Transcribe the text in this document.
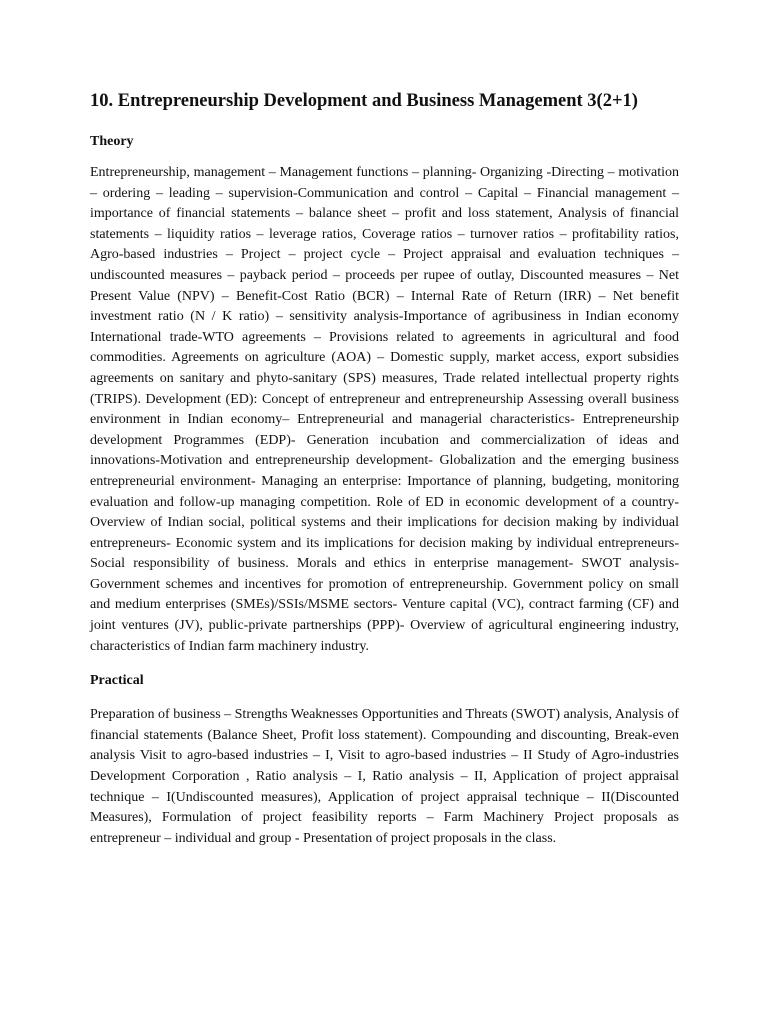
10. Entrepreneurship Development and Business Management 3(2+1)
Theory

Entrepreneurship, management – Management functions – planning- Organizing -Directing – motivation – ordering – leading – supervision-Communication and control – Capital – Financial management – importance of financial statements – balance sheet – profit and loss statement, Analysis of financial statements – liquidity ratios – leverage ratios, Coverage ratios – turnover ratios – profitability ratios, Agro-based industries – Project – project cycle – Project appraisal and evaluation techniques – undiscounted measures – payback period – proceeds per rupee of outlay, Discounted measures – Net Present Value (NPV) – Benefit-Cost Ratio (BCR) – Internal Rate of Return (IRR) – Net benefit investment ratio (N / K ratio) – sensitivity analysis-Importance of agribusiness in Indian economy International trade-WTO agreements – Provisions related to agreements in agricultural and food commodities. Agreements on agriculture (AOA) – Domestic supply, market access, export subsidies agreements on sanitary and phyto-sanitary (SPS) measures, Trade related intellectual property rights (TRIPS). Development (ED): Concept of entrepreneur and entrepreneurship Assessing overall business environment in Indian economy– Entrepreneurial and managerial characteristics- Entrepreneurship development Programmes (EDP)- Generation incubation and commercialization of ideas and innovations-Motivation and entrepreneurship development- Globalization and the emerging business entrepreneurial environment- Managing an enterprise: Importance of planning, budgeting, monitoring evaluation and follow-up managing competition. Role of ED in economic development of a country- Overview of Indian social, political systems and their implications for decision making by individual entrepreneurs- Economic system and its implications for decision making by individual entrepreneurs- Social responsibility of business. Morals and ethics in enterprise management- SWOT analysis- Government schemes and incentives for promotion of entrepreneurship. Government policy on small and medium enterprises (SMEs)/SSIs/MSME sectors- Venture capital (VC), contract farming (CF) and joint ventures (JV), public-private partnerships (PPP)- Overview of agricultural engineering industry, characteristics of Indian farm machinery industry.

Practical

Preparation of business – Strengths Weaknesses Opportunities and Threats (SWOT) analysis, Analysis of financial statements (Balance Sheet, Profit loss statement). Compounding and discounting, Break-even analysis Visit to agro-based industries – I, Visit to agro-based industries – II Study of Agro-industries Development Corporation , Ratio analysis – I, Ratio analysis – II, Application of project appraisal technique – I(Undiscounted measures), Application of project appraisal technique – II(Discounted Measures), Formulation of project feasibility reports – Farm Machinery Project proposals as entrepreneur – individual and group - Presentation of project proposals in the class.
